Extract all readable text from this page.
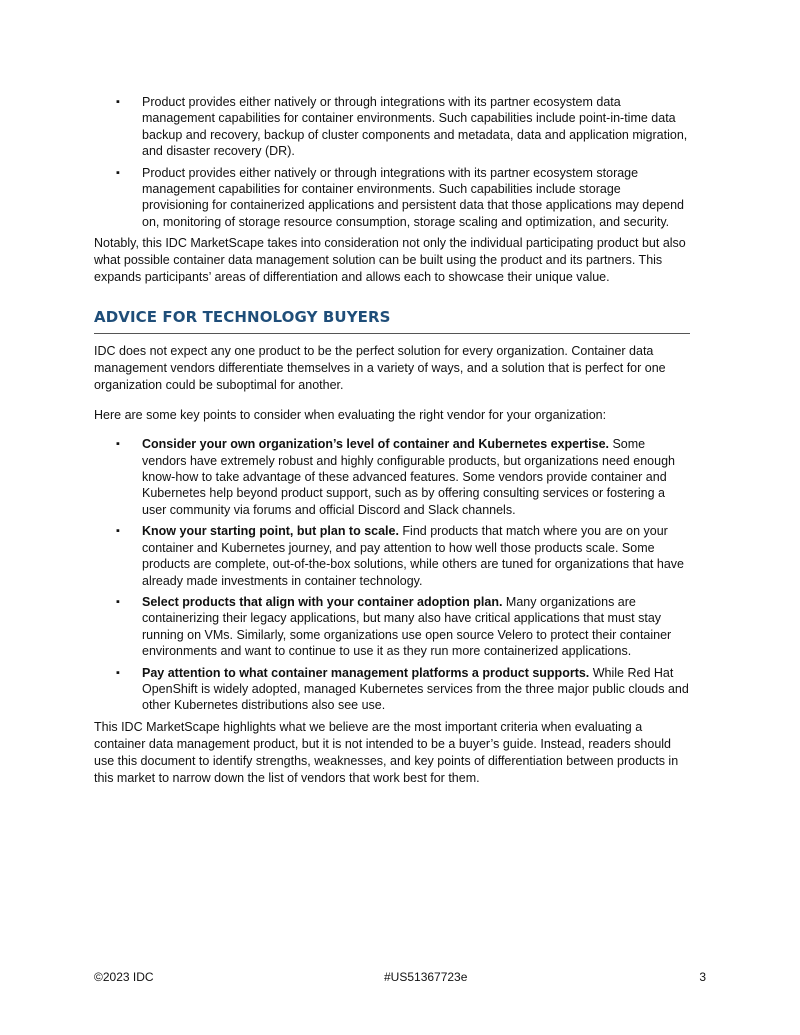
▪ Product provides either natively or through integrations with its partner ecosystem data management capabilities for container environments. Such capabilities include point-in-time data backup and recovery, backup of cluster components and metadata, data and application migration, and disaster recovery (DR).
▪ Product provides either natively or through integrations with its partner ecosystem storage management capabilities for container environments. Such capabilities include storage provisioning for containerized applications and persistent data that those applications may depend on, monitoring of storage resource consumption, storage scaling and optimization, and security.

Notably, this IDC MarketScape takes into consideration not only the individual participating product but also what possible container data management solution can be built using the product and its partners. This expands participants’ areas of differentiation and allows each to showcase their unique value.

ADVICE FOR TECHNOLOGY BUYERS

IDC does not expect any one product to be the perfect solution for every organization. Container data management vendors differentiate themselves in a variety of ways, and a solution that is perfect for one organization could be suboptimal for another.

Here are some key points to consider when evaluating the right vendor for your organization:

▪ Consider your own organization’s level of container and Kubernetes expertise. Some vendors have extremely robust and highly configurable products, but organizations need enough know-how to take advantage of these advanced features. Some vendors provide container and Kubernetes help beyond product support, such as by offering consulting services or fostering a user community via forums and official Discord and Slack channels.
▪ Know your starting point, but plan to scale. Find products that match where you are on your container and Kubernetes journey, and pay attention to how well those products scale. Some products are complete, out-of-the-box solutions, while others are tuned for organizations that have already made investments in container technology.
▪ Select products that align with your container adoption plan. Many organizations are containerizing their legacy applications, but many also have critical applications that must stay running on VMs. Similarly, some organizations use open source Velero to protect their container environments and want to continue to use it as they run more containerized applications.
▪ Pay attention to what container management platforms a product supports. While Red Hat OpenShift is widely adopted, managed Kubernetes services from the three major public clouds and other Kubernetes distributions also see use.

This IDC MarketScape highlights what we believe are the most important criteria when evaluating a container data management product, but it is not intended to be a buyer’s guide. Instead, readers should use this document to identify strengths, weaknesses, and key points of differentiation between products in this market to narrow down the list of vendors that work best for them.

©2023 IDC	#US51367723e	3
